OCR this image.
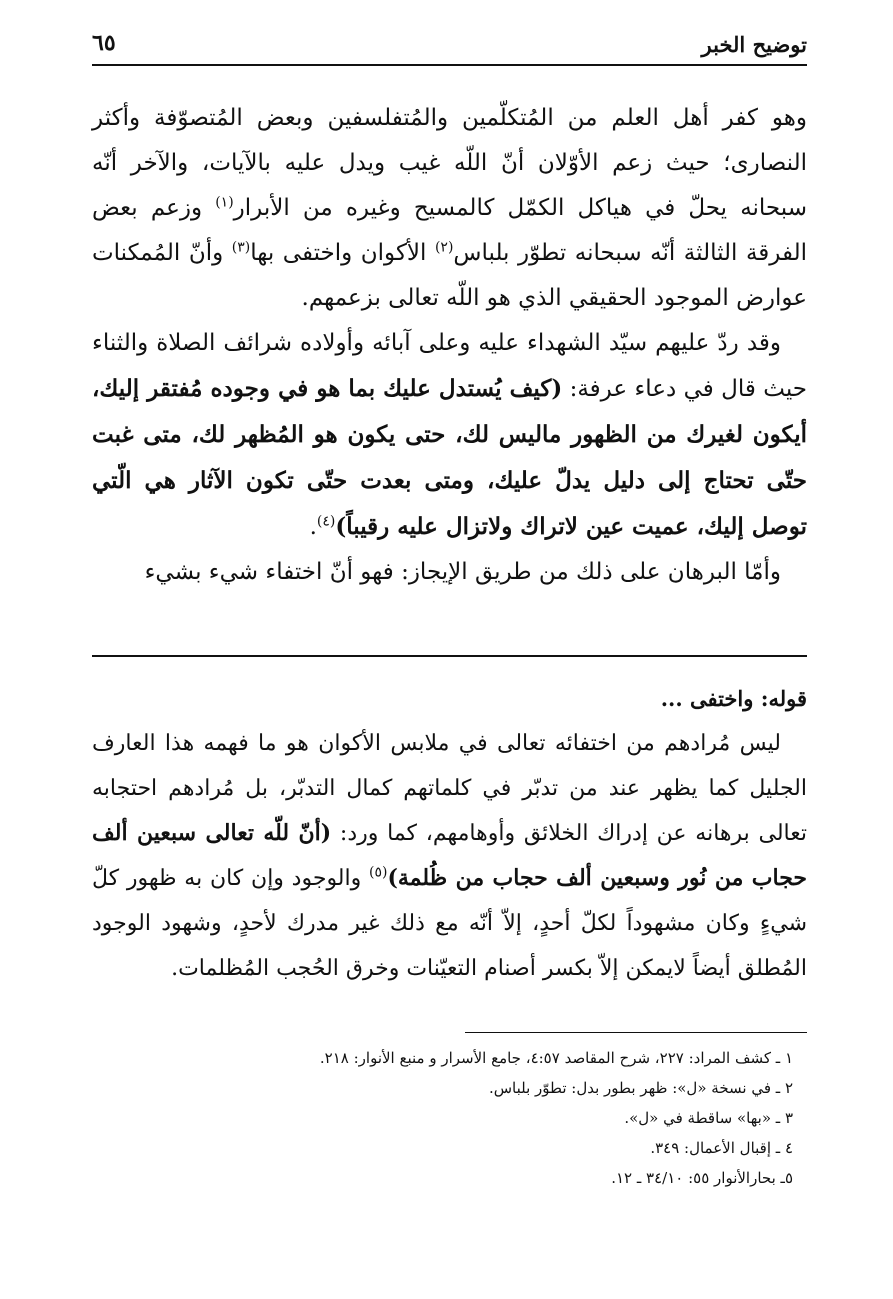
توضيح الخبر
٦٥

وهو كفر أهل العلم من المُتكلّمين والمُتفلسفين وبعض المُتصوّفة وأكثر النصارى؛ حيث زعم الأوّلان أنّ اللّه غيب ويدل عليه بالآيات، والآخر أنّه سبحانه يحلّ في هياكل الكمّل كالمسيح وغيره من الأبرار$^{(١)}$ وزعم بعض الفرقة الثالثة أنّه سبحانه تطوّر بلباس$^{(٢)}$ الأكوان واختفى بها$^{(٣)}$ وأنّ المُمكنات عوارض الموجود الحقيقي الذي هو اللّه تعالى بزعمهم.

وقد ردّ عليهم سيّد الشهداء عليه وعلى آبائه وأولاده شرائف الصلاة والثناء حيث قال في دعاء عرفة: (كيف يُستدل عليك بما هو في وجوده مُفتقر إليك، أيكون لغيرك من الظهور ماليس لك، حتى يكون هو المُظهر لك، متى غبت حتّى تحتاج إلى دليل يدلّ عليك، ومتى بعدت حتّى تكون الآثار هي الّتي توصل إليك، عميت عين لاتراك ولاتزال عليه رقيباً)$^{(٤)}$.

وأمّا البرهان على ذلك من طريق الإيجاز: فهو أنّ اختفاء شيء بشيء

قوله: واختفى ...

ليس مُرادهم من اختفائه تعالى في ملابس الأكوان هو ما فهمه هذا العارف الجليل كما يظهر عند من تدبّر في كلماتهم كمال التدبّر، بل مُرادهم احتجابه تعالى برهانه عن إدراك الخلائق وأوهامهم، كما ورد: (أنّ للّه تعالى سبعين ألف حجاب من نُور وسبعين ألف حجاب من ظُلمة)$^{(٥)}$ والوجود وإن كان به ظهور كلّ شيءٍ وكان مشهوداً لكلّ أحدٍ، إلاّ أنّه مع ذلك غير مدرك لأحدٍ، وشهود الوجود المُطلق أيضاً لايمكن إلاّ بكسر أصنام التعيّنات وخرق الحُجب المُظلمات.

١ ـ كشف المراد: ٢٢٧، شرح المقاصد ٤:٥٧، جامع الأسرار و منبع الأنوار: ٢١٨.

٢ ـ في نسخة «ل»: ظهر بطور بدل: تطوّر بلباس.

٣ ـ «بها» ساقطة في «ل».

٤ ـ إقبال الأعمال: ٣٤٩.

٥ـ بحارالأنوار ٥٥: ٣٤/١٠ ـ ١٢.
